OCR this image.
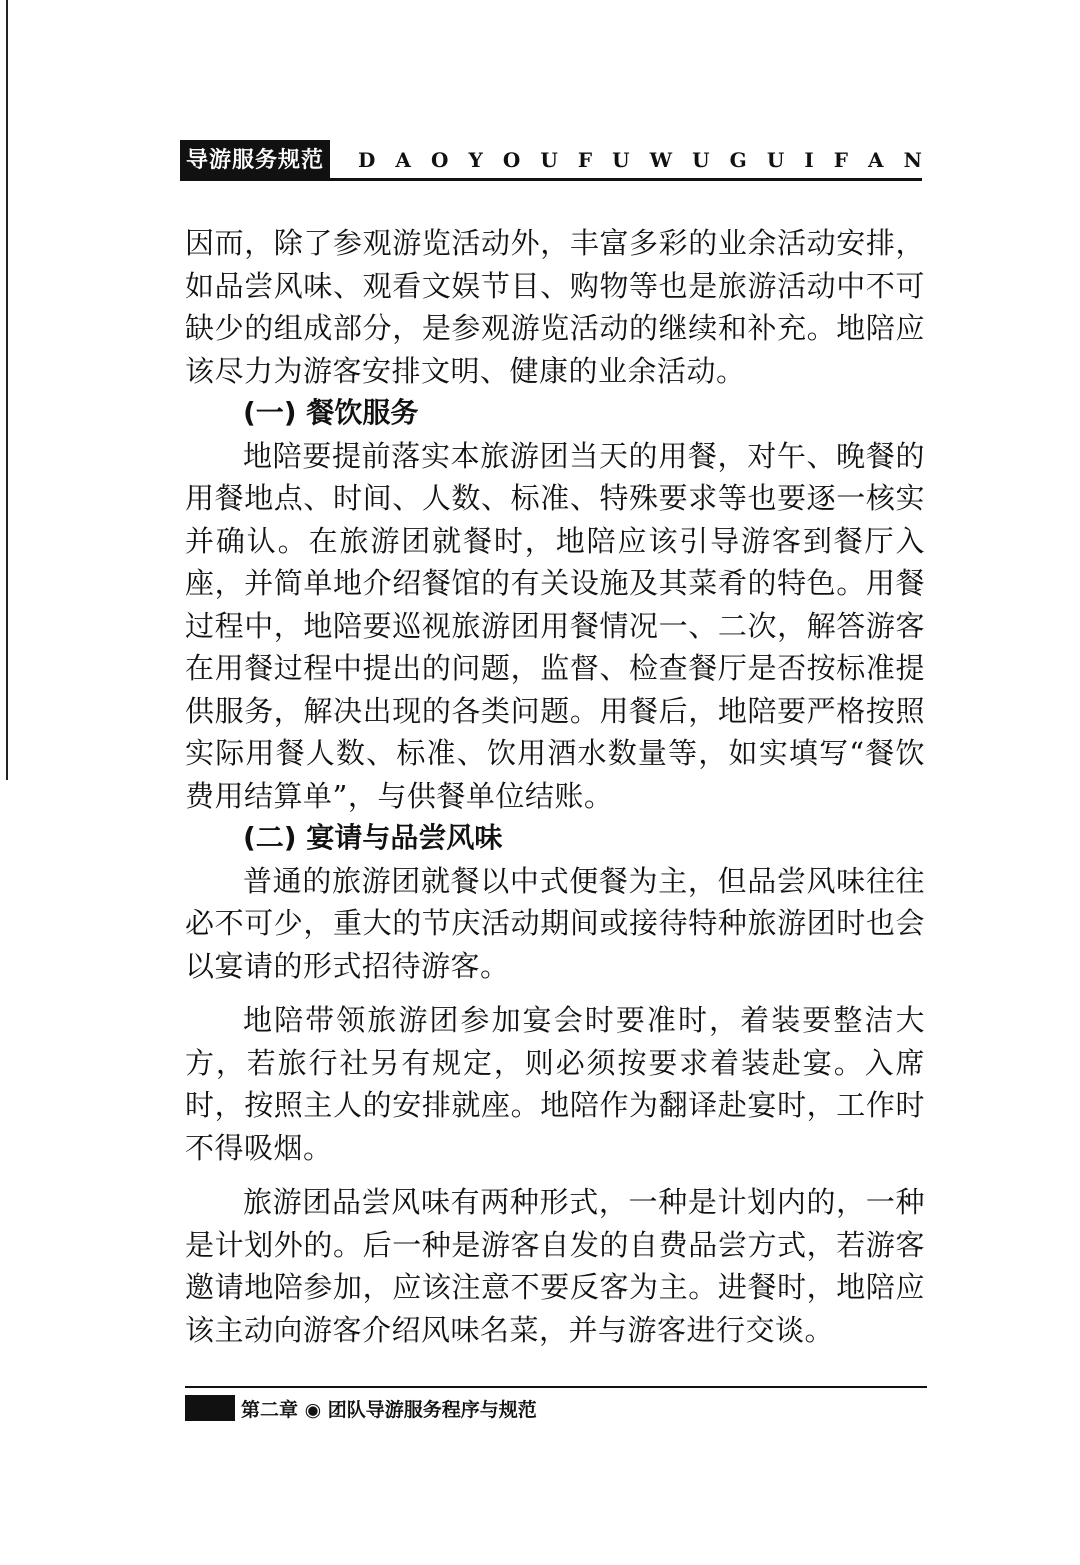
导游服务规范	D A O Y O U F U W U G U I F A N

因而，除了参观游览活动外，丰富多彩的业余活动安排，如品尝风味、观看文娱节目、购物等也是旅游活动中不可缺少的组成部分，是参观游览活动的继续和补充。地陪应该尽力为游客安排文明、健康的业余活动。

(一) 餐饮服务

地陪要提前落实本旅游团当天的用餐，对午、晚餐的用餐地点、时间、人数、标准、特殊要求等也要逐一核实并确认。在旅游团就餐时，地陪应该引导游客到餐厅入座，并简单地介绍餐馆的有关设施及其菜肴的特色。用餐过程中，地陪要巡视旅游团用餐情况一、二次，解答游客在用餐过程中提出的问题，监督、检查餐厅是否按标准提供服务，解决出现的各类问题。用餐后，地陪要严格按照实际用餐人数、标准、饮用酒水数量等，如实填写“餐饮费用结算单”，与供餐单位结账。

(二) 宴请与品尝风味

普通的旅游团就餐以中式便餐为主，但品尝风味往往必不可少，重大的节庆活动期间或接待特种旅游团时也会以宴请的形式招待游客。

地陪带领旅游团参加宴会时要准时，着装要整洁大方，若旅行社另有规定，则必须按要求着装赴宴。入席时，按照主人的安排就座。地陪作为翻译赴宴时，工作时不得吸烟。

旅游团品尝风味有两种形式，一种是计划内的，一种是计划外的。后一种是游客自发的自费品尝方式，若游客邀请地陪参加，应该注意不要反客为主。进餐时，地陪应该主动向游客介绍风味名菜，并与游客进行交谈。

第二章 ◉ 团队导游服务程序与规范
